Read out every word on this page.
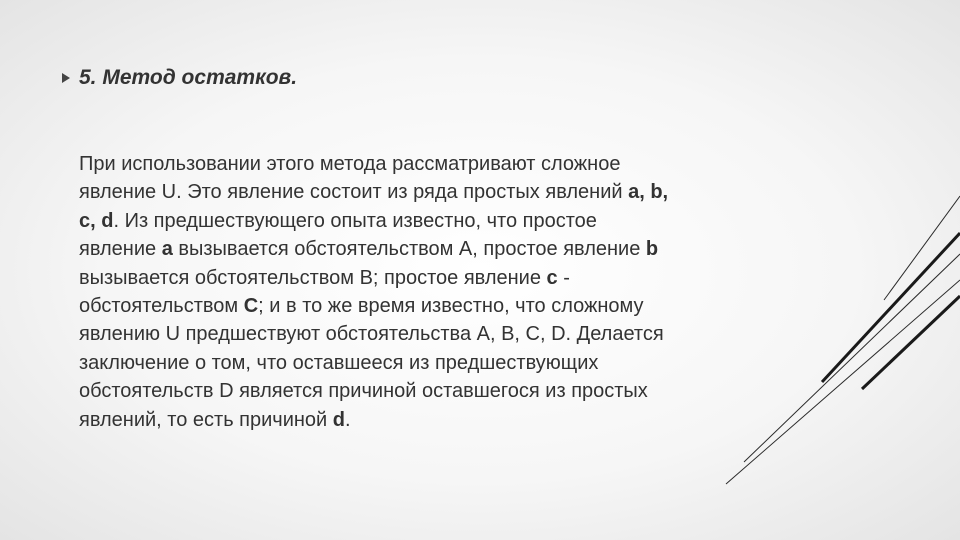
5. Метод остатков.
При использовании этого метода рассматривают сложное
явление U. Это явление состоит из ряда простых явлений a, b,
c, d. Из предшествующего опыта известно, что простое
явление a вызывается обстоятельством А, простое явление b
вызывается обстоятельством В; простое явление c -
обстоятельством С; и в то же время известно, что сложному
явлению U предшествуют обстоятельства A, B, C, D. Делается
заключение о том, что оставшееся из предшествующих
обстоятельств D является причиной оставшегося из простых
явлений, то есть причиной d.
